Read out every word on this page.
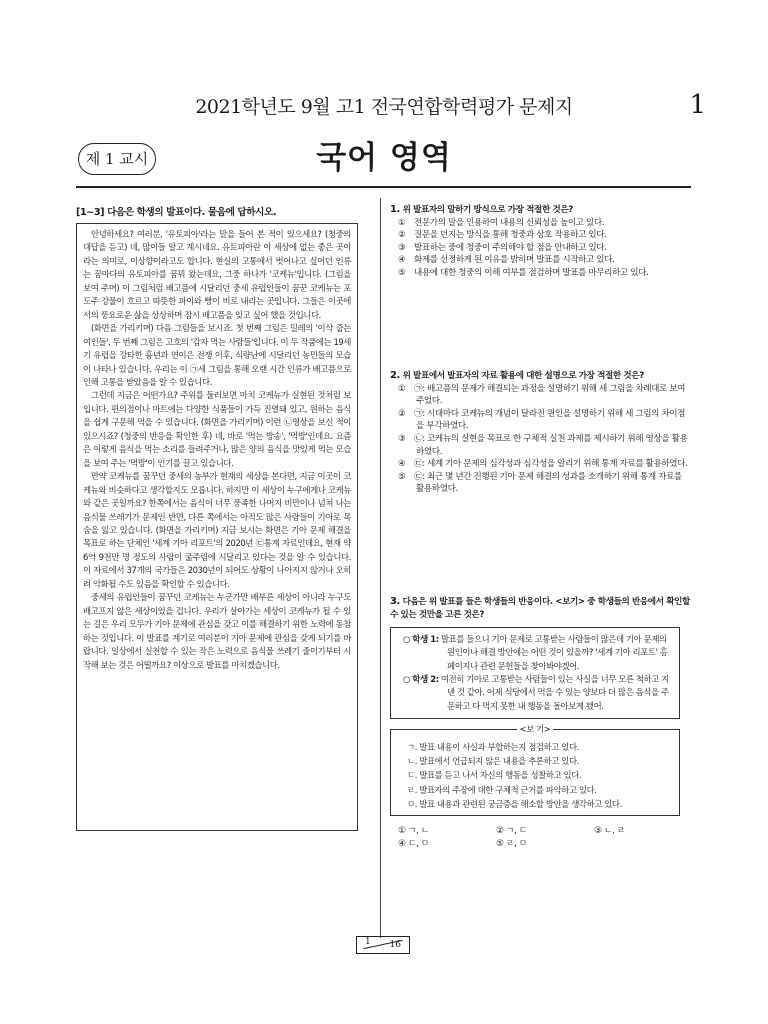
2021학년도 9월 고1 전국연합학력평가 문제지	1
제 1 교시	국어 영역
[1~3] 다음은 학생의 발표이다. 물음에 답하시오.

안녕하세요? 여러분, '유토피아'라는 말을 들어 본 적이 있으세요? (청중의 대답을 듣고) 네, 많이들 알고 계시네요. 유토피아란 이 세상에 없는 좋은 곳이라는 의미로, 이상향이라고도 합니다. 현실의 고통에서 벗어나고 싶어던 인류는 꿈마다의 유토피아를 꿈꿔 왔는데요, 그중 하나가 '코케뉴'입니다. (그림을 보여 주며) 이 그림처럼 배고픔에 시달리던 중세 유럽인들이 꿈꾼 코케뉴는 포도주 강물이 흐르고 따뜻한 파이와 빵이 비로 내리는 곳입니다. 그들은 이곳에서의 풍요로운 삶을 상상하며 잠시 배고픔을 잊고 싶어 했을 것입니다.

(화면을 가리키며) 다음 그림들을 보시죠. 첫 번째 그림은 밀레의 '이삭 줍는 여인들', 두 번째 그림은 고흐의 '감자 먹는 사람들'입니다. 이 두 작품에는 19세기 유럽을 강타한 흉년과 연이은 전쟁 이후, 식량난에 시달리던 농민들의 모습이 나타나 있습니다. 우리는 이 ㉠세 그림을 통해 오랜 시간 인류가 배고픔으로 인해 고통을 받았음을 알 수 있습니다.

그런데 지금은 어떤가요? 주위를 둘러보면 마치 코케뉴가 실현된 것처럼 보입니다. 편의점이나 마트에는 다양한 식품들이 가득 진열돼 있고, 원하는 음식을 쉽게 구문해 먹을 수 있습니다. (화면을 가리키며) 이런 ㉡영상을 보신 적이 있으시죠? (청중의 반응을 확인한 후) 네, 바로 '먹는 방송', '먹방'인데요. 요즘은 이렇게 음식을 먹는 소리를 들려주거나, 많은 양의 음식을 맛있게 먹는 모습을 보여 주는 '먹방'이 인기를 끌고 있습니다.

만약 코케뉴를 꿈꾸던 중세의 농부가 현재의 세상을 본다면, 지금 이곳이 코케뉴와 비슷하다고 생각할지도 모릅니다. 하지만 이 세상이 누구에게나 코케뉴와 같은 곳일까요? 한쪽에서는 음식이 너무 풍족한 나머지 비만이나 넘쳐 나는 음식물 쓰레기가 문제인 반면, 다른 쪽에서는 아직도 많은 사람들이 기아로 목숨을 잃고 있습니다. (화면을 가리키며) 지금 보시는 화면은 기아 문제 해결을 목표로 하는 단체인 '세계 기아 리포트'의 2020년 ㉢통계 자료인데요, 현재 약 6억 9천만 명 정도의 사람이 굶주림에 시달리고 있다는 것을 알 수 있습니다. 이 자료에서 37개의 국가들은 2030년이 되어도 상황이 나아지지 않거나 오히려 악화될 수도 있음을 확인할 수 있습니다.

중세의 유럽인들이 꿈꾸던 코케뉴는 누군가만 배부른 세상이 아니라 누구도 배고프지 않은 세상이었을 겁니다. 우리가 살아가는 세상이 코케뉴가 될 수 있는 길은 우리 모두가 기아 문제에 관심을 갖고 이를 해결하기 위한 노력에 동참하는 것입니다. 이 발표를 계기로 여러분이 기아 문제에 관심을 갖게 되기를 바랍니다. 일상에서 실천할 수 있는 작은 노력으로 음식물 쓰레기 줄이기부터 시작해 보는 것은 어떨까요? 이상으로 발표를 마치겠습니다.

1. 위 발표자의 말하기 방식으로 가장 적절한 것은?

① 전문가의 말을 인용하여 내용의 신뢰성을 높이고 있다.

② 질문을 던지는 방식을 통해 청중과 상호 작용하고 있다.

③ 발표하는 중에 청중이 주의해야 할 점을 안내하고 있다.

④ 화제를 선정하게 된 이유를 밝히며 발표를 시작하고 있다.

⑤ 내용에 대한 청중의 이해 여부를 점검하며 발표를 마무리하고 있다.

2. 위 발표에서 발표자의 자료 활용에 대한 설명으로 가장 적절한 것은?

① ㉠: 배고픔의 문제가 해결되는 과정을 설명하기 위해 세 그림을 차례대로 보여 주었다.

② ㉠: 시대마다 코케뉴의 개념이 달라진 원인을 설명하기 위해 세 그림의 차이점을 부각하였다.

③ ㉡: 코케뉴의 실현을 목표로 한 구체적 실천 과제를 제시하기 위해 영상을 활용하였다.

④ ㉢: 세계 기아 문제의 심각성과 심각성을 알리기 위해 통계 자료를 활용하였다.

⑤ ㉢: 최근 몇 년간 진행된 기아 문제 해결의 성과를 소개하기 위해 통계 자료를 활용하였다.

3. 다음은 위 발표를 들은 학생들의 반응이다. <보기> 중 학생들의 반응에서 확인할 수 있는 것만을 고른 것은?

○ 학생 1: 발표를 들으니 기아 문제로 고통받는 사람들이 많은데 기아 문제의 원인이나 해결 방안에는 어떤 것이 있을까? '세계 기아 리포트' 홈페이지나 관련 문헌들을 찾아봐야겠어.

○ 학생 2: 여전히 기아로 고통받는 사람들이 있는 사실을 너무 모른 척하고 지낸 것 같아. 어제 식당에서 먹을 수 있는 양보다 더 많은 음식을 주문하고 다 먹지 못한 내 행동을 돌아보게 됐어.

<보 기>

ㄱ. 발표 내용이 사실과 부합하는지 점검하고 있다.

ㄴ. 발표에서 언급되지 않은 내용을 추론하고 있다.

ㄷ. 발표를 듣고 나서 자신의 행동을 성찰하고 있다.

ㄹ. 발표자의 주장에 대한 구체적 근거를 파악하고 있다.

ㅁ. 발표 내용과 관련된 궁금증을 해소할 방안을 생각하고 있다.

① ㄱ, ㄴ	② ㄱ, ㄷ	③ ㄴ, ㄹ
④ ㄷ, ㅁ	⑤ ㄹ, ㅁ
1 16
